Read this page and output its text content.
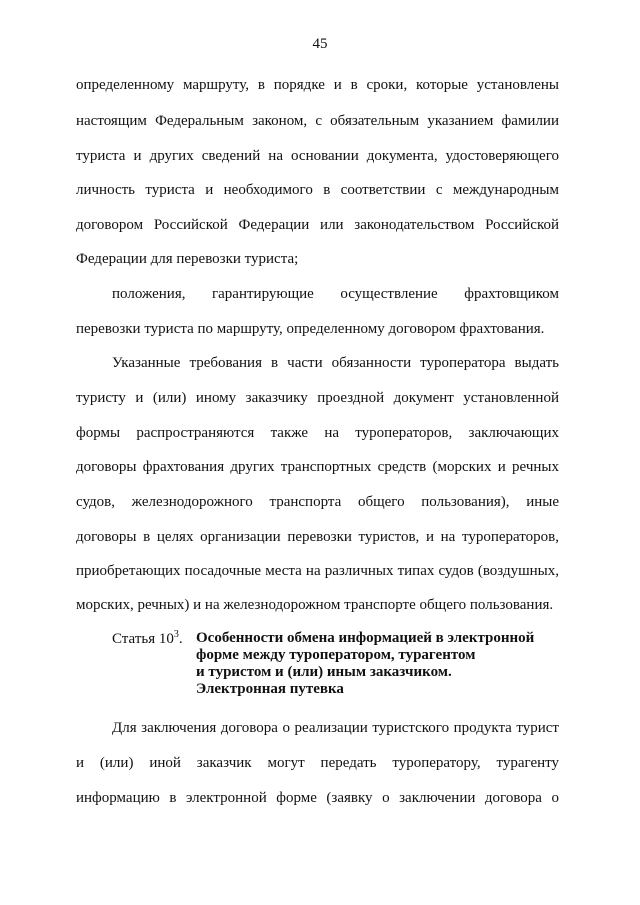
45
определенному маршруту, в порядке и в сроки, которые установлены
настоящим Федеральным законом, с обязательным указанием фамилии
туриста и других сведений на основании документа, удостоверяющего
личность туриста и необходимого в соответствии с международным
договором Российской Федерации или законодательством Российской
Федерации для перевозки туриста;
положения, гарантирующие осуществление фрахтовщиком
перевозки туриста по маршруту, определенному договором фрахтования.
Указанные требования в части обязанности туроператора выдать
туристу и (или) иному заказчику проездной документ установленной
формы распространяются также на туроператоров, заключающих
договоры фрахтования других транспортных средств (морских и речных
судов, железнодорожного транспорта общего пользования), иные
договоры в целях организации перевозки туристов, и на туроператоров,
приобретающих посадочные места на различных типах судов (воздушных,
морских, речных) и на железнодорожном транспорте общего пользования.
Статья $10^3$. Особенности обмена информацией в электронной
форме между туроператором, турагентом
и туристом и (или) иным заказчиком.
Электронная путевка
Для заключения договора о реализации туристского продукта турист
и (или) иной заказчик могут передать туроператору, турагенту
информацию в электронной форме (заявку о заключении договора о
